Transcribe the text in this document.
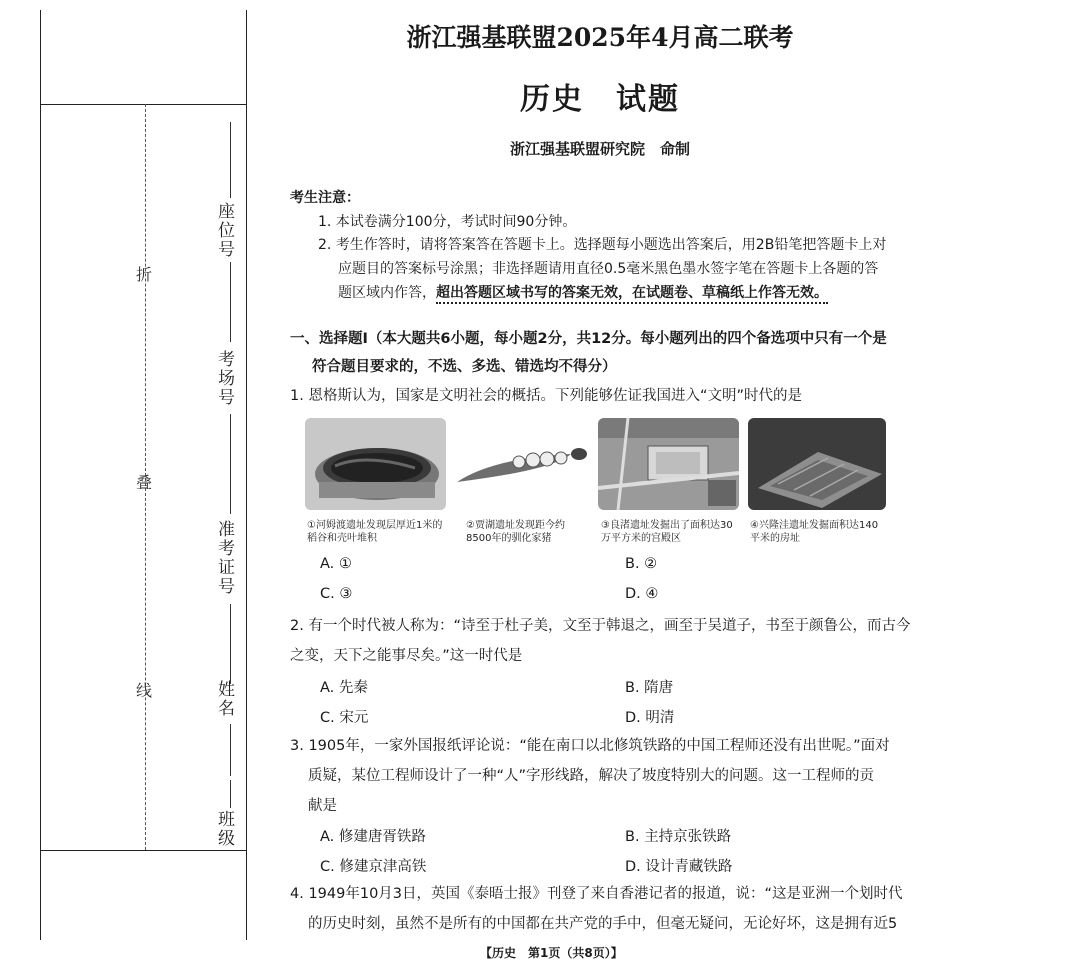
折
叠
线
座位号
考场号
准考证号
姓名
班级
浙江强基联盟2025年4月高二联考
历史　试题
浙江强基联盟研究院　命制
考生注意：
1. 本试卷满分100分，考试时间90分钟。
2. 考生作答时，请将答案答在答题卡上。选择题每小题选出答案后，用2B铅笔把答题卡上对
应题目的答案标号涂黑；非选择题请用直径0.5毫米黑色墨水签字笔在答题卡上各题的答
题区域内作答，超出答题区域书写的答案无效，在试题卷、草稿纸上作答无效。
一、选择题Ⅰ（本大题共6小题，每小题2分，共12分。每小题列出的四个备选项中只有一个是
符合题目要求的，不选、多选、错选均不得分）
1. 恩格斯认为，国家是文明社会的概括。下列能够佐证我国进入“文明”时代的是
①河姆渡遗址发现层厚近1米的
稻谷和壳叶堆积
②贾湖遗址发现距今约
8500年的驯化家猪
③良渚遗址发掘出了面积达30
万平方米的宫殿区
④兴隆洼遗址发掘面积达140
平米的房址
A. ①	B. ②
C. ③	D. ④
2. 有一个时代被人称为：“诗至于杜子美，文至于韩退之，画至于吴道子，书至于颜鲁公，而古今
之变，天下之能事尽矣。”这一时代是
A. 先秦	B. 隋唐
C. 宋元	D. 明清
3. 1905年，一家外国报纸评论说：“能在南口以北修筑铁路的中国工程师还没有出世呢。”面对
质疑，某位工程师设计了一种“人”字形线路，解决了坡度特别大的问题。这一工程师的贡
献是
A. 修建唐胥铁路	B. 主持京张铁路
C. 修建京津高铁	D. 设计青藏铁路
4. 1949年10月3日，英国《泰晤士报》刊登了来自香港记者的报道，说：“这是亚洲一个划时代
的历史时刻，虽然不是所有的中国都在共产党的手中，但毫无疑问，无论好坏，这是拥有近5
【历史　第1页（共8页）】
